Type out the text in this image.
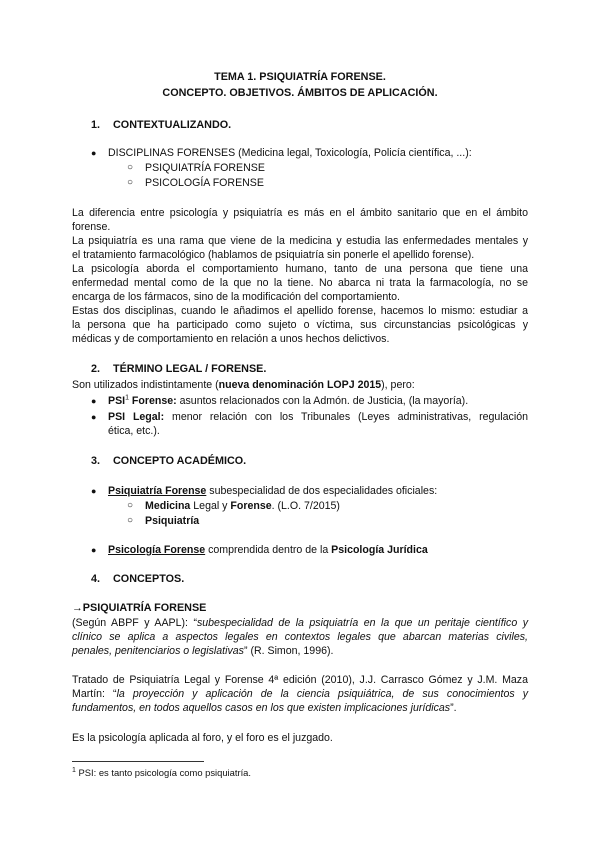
TEMA 1. PSIQUIATRÍA FORENSE.
CONCEPTO. OBJETIVOS. ÁMBITOS DE APLICACIÓN.
1. CONTEXTUALIZANDO.
● DISCIPLINAS FORENSES (Medicina legal, Toxicología, Policía científica, ...):
○ PSIQUIATRÍA FORENSE
○ PSICOLOGÍA FORENSE
La diferencia entre psicología y psiquiatría es más en el ámbito sanitario que en el ámbito
forense.
La psiquiatría es una rama que viene de la medicina y estudia las enfermedades mentales y
el tratamiento farmacológico (hablamos de psiquiatría sin ponerle el apellido forense).
La psicología aborda el comportamiento humano, tanto de una persona que tiene una
enfermedad mental como de la que no la tiene. No abarca ni trata la farmacología, no se
encarga de los fármacos, sino de la modificación del comportamiento.
Estas dos disciplinas, cuando le añadimos el apellido forense, hacemos lo mismo: estudiar a
la persona que ha participado como sujeto o víctima, sus circunstancias psicológicas y
médicas y de comportamiento en relación a unos hechos delictivos.
2. TÉRMINO LEGAL / FORENSE.
Son utilizados indistintamente (nueva denominación LOPJ 2015), pero:
● PSI$^1$ Forense: asuntos relacionados con la Admón. de Justicia, (la mayoría).
● PSI Legal: menor relación con los Tribunales (Leyes administrativas, regulación
ética, etc.).
3. CONCEPTO ACADÉMICO.
● Psiquiatría Forense subespecialidad de dos especialidades oficiales:
○ Medicina Legal y Forense. (L.O. 7/2015)
○ Psiquiatría
● Psicología Forense comprendida dentro de la Psicología Jurídica
4. CONCEPTOS.
→PSIQUIATRÍA FORENSE
(Según ABPF y AAPL): “subespecialidad de la psiquiatría en la que un peritaje científico y
clínico se aplica a aspectos legales en contextos legales que abarcan materias civiles,
penales, penitenciarios o legislativas” (R. Simon, 1996).
Tratado de Psiquiatría Legal y Forense 4ª edición (2010), J.J. Carrasco Gómez y J.M. Maza
Martín: “la proyección y aplicación de la ciencia psiquiátrica, de sus conocimientos y
fundamentos, en todos aquellos casos en los que existen implicaciones jurídicas”.
Es la psicología aplicada al foro, y el foro es el juzgado.
$^1$ PSI: es tanto psicología como psiquiatría.
